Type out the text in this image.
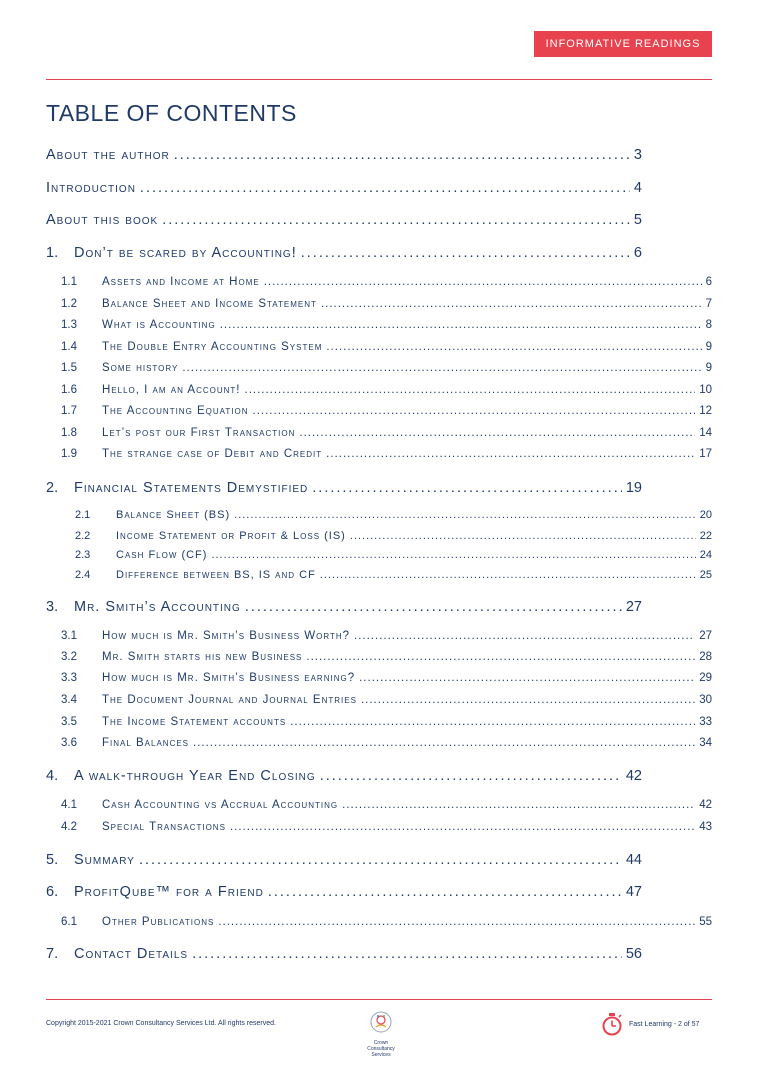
INFORMATIVE READINGS
TABLE OF CONTENTS
About the author .....	3
Introduction .....	4
About this book .....	5
1.	Don’t be scared by Accounting! .....	6
1.1	Assets and Income at Home .....	6
1.2	Balance Sheet and Income Statement .....	7
1.3	What is Accounting .....	8
1.4	The Double Entry Accounting System .....	9
1.5	Some history .....	9
1.6	Hello, I am an Account! .....	10
1.7	The Accounting Equation .....	12
1.8	Let’s post our First Transaction .....	14
1.9	The strange case of Debit and Credit .....	17
2.	Financial Statements Demystified .....	19
2.1	Balance Sheet (BS) .....	20
2.2	Income Statement or Profit & Loss (IS) .....	22
2.3	Cash Flow (CF) .....	24
2.4	Difference between BS, IS and CF .....	25
3.	Mr. Smith’s Accounting .....	27
3.1	How much is Mr. Smith’s Business Worth? .....	27
3.2	Mr. Smith starts his new Business .....	28
3.3	How much is Mr. Smith’s Business earning? .....	29
3.4	The Document Journal and Journal Entries .....	30
3.5	The Income Statement accounts .....	33
3.6	Final Balances .....	34
4.	A walk-through Year End Closing .....	42
4.1	Cash Accounting vs Accrual Accounting .....	42
4.2	Special Transactions .....	43
5.	Summary .....	44
6.	ProfitQube™ for a Friend .....	47
6.1	Other Publications .....	55
7.	Contact Details .....	56
Copyright 2015-2021 Crown Consultancy Services Ltd. All rights reserved.
Crown Consultancy Services
Fast Learning - 2 of 57
